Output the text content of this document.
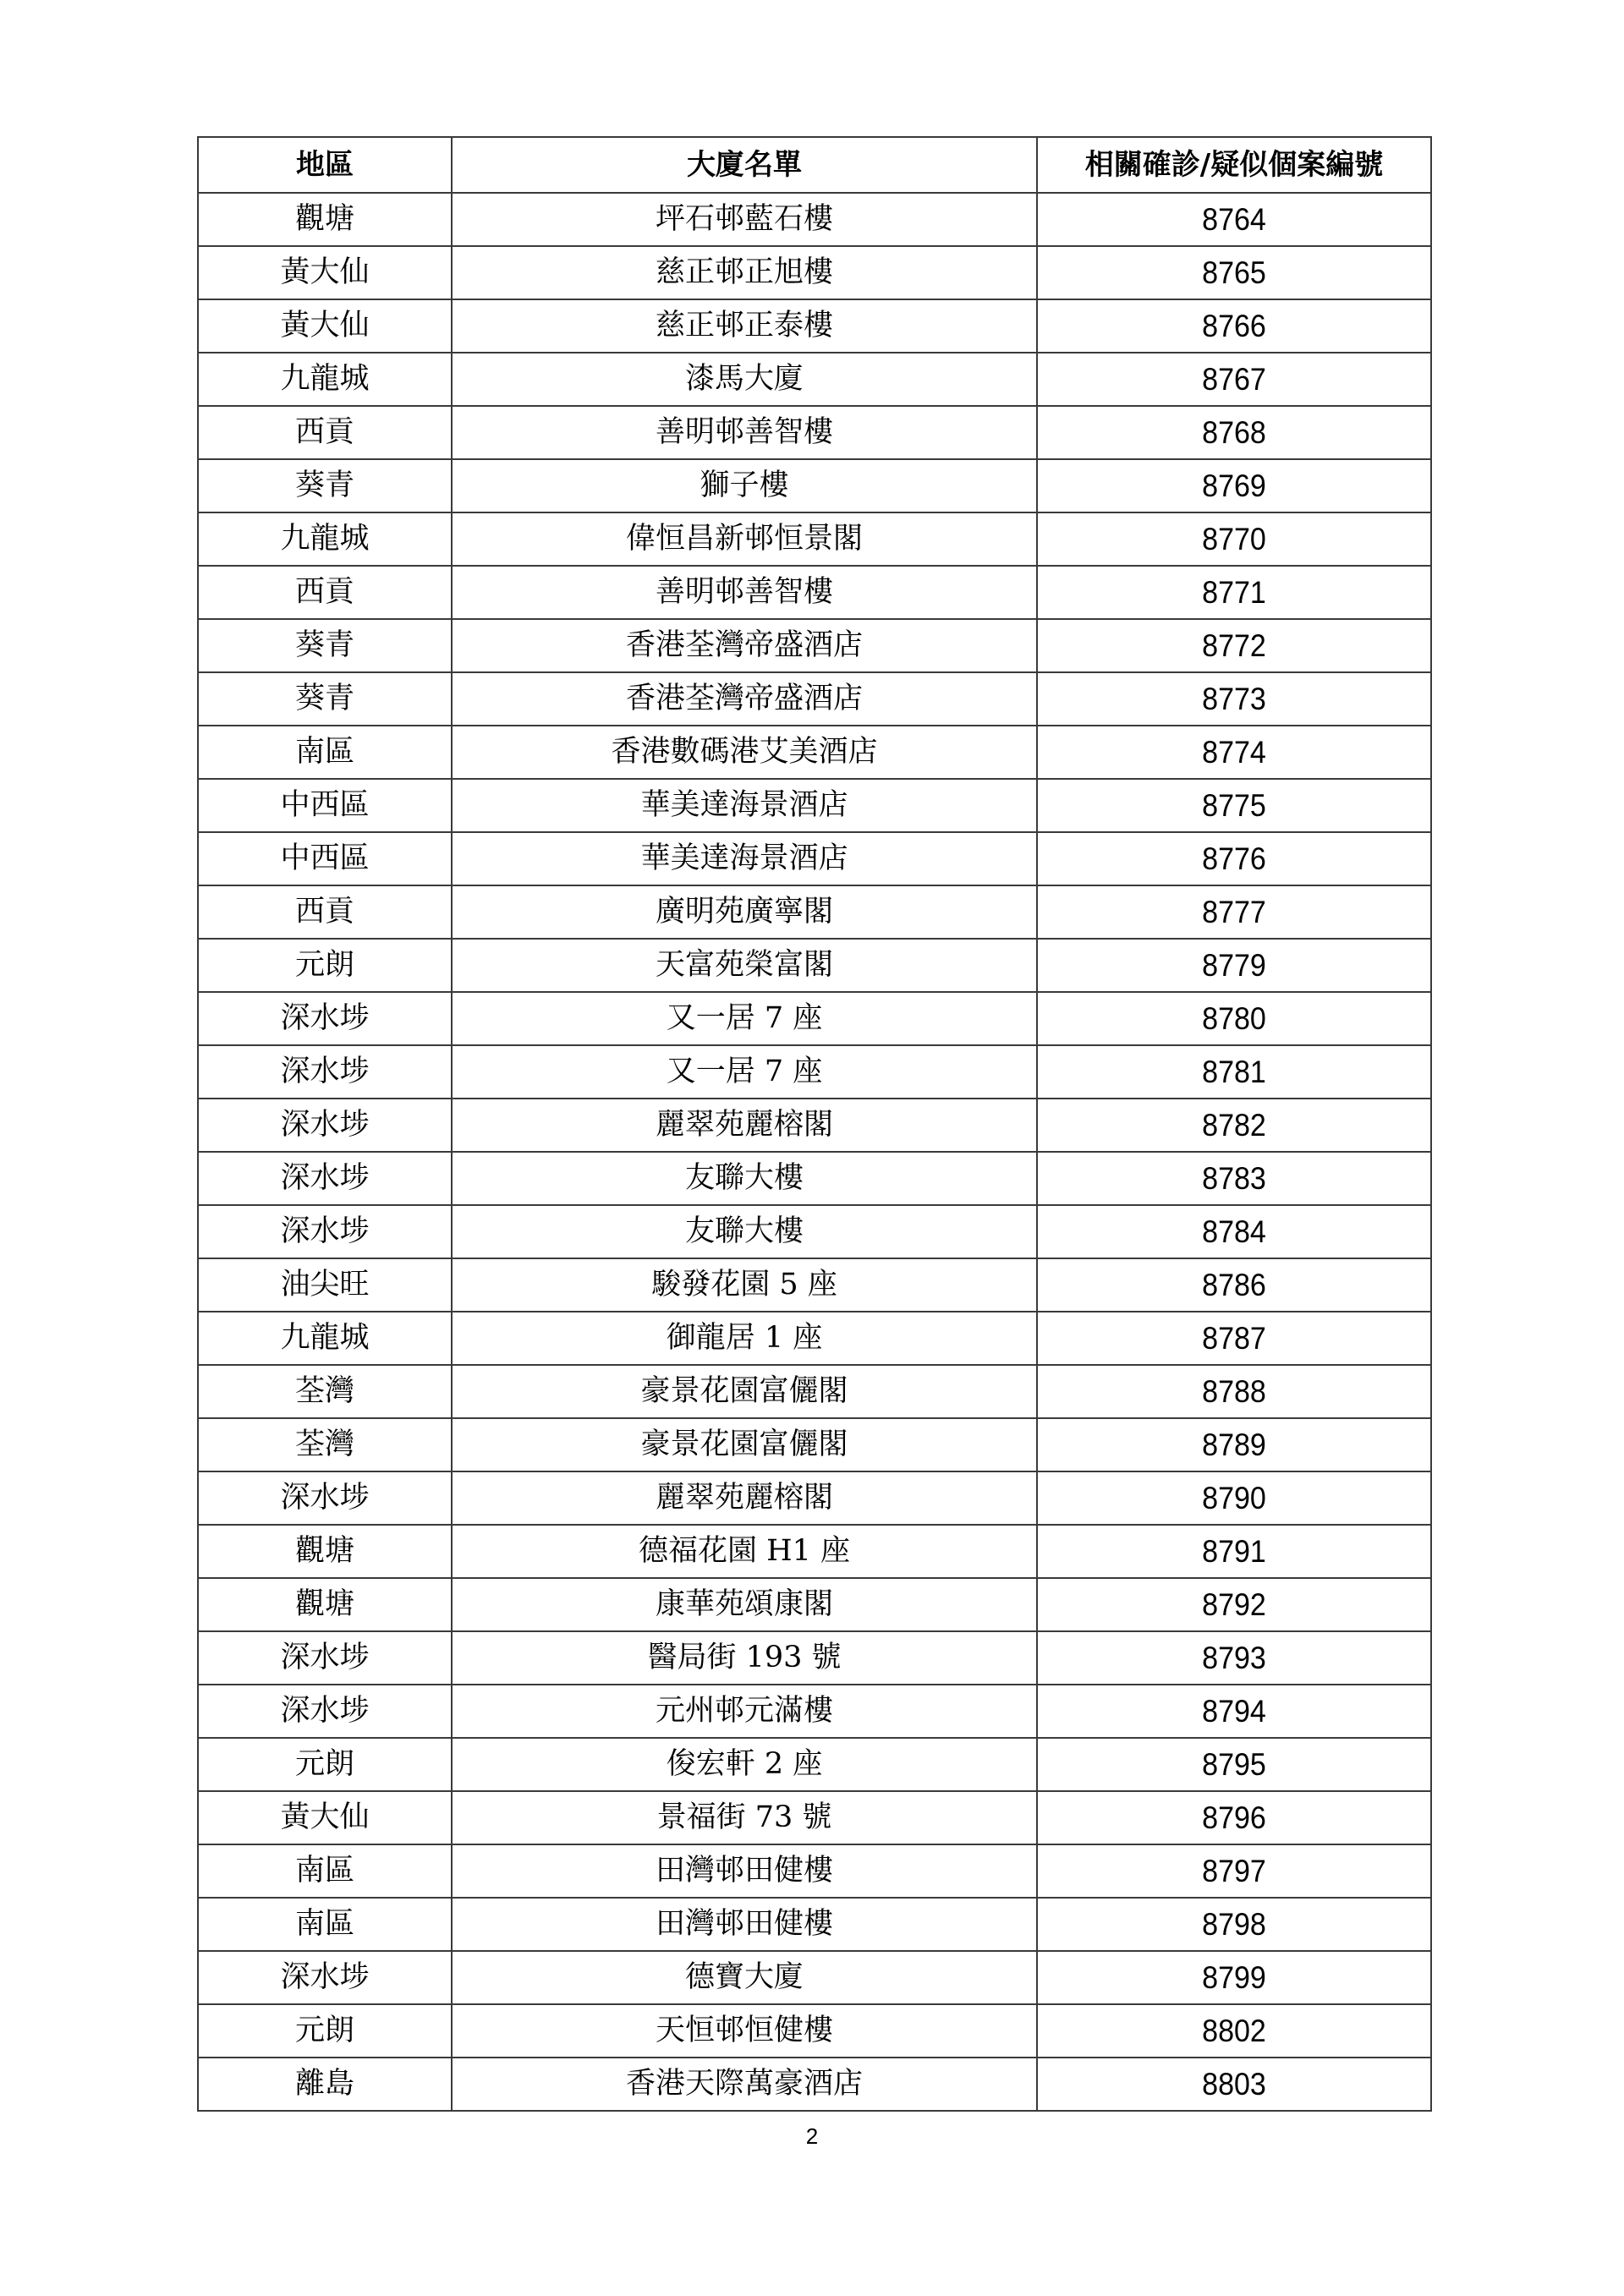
地區	大廈名單	相關確診/疑似個案編號
觀塘	坪石邨藍石樓	8764
黃大仙	慈正邨正旭樓	8765
黃大仙	慈正邨正泰樓	8766
九龍城	漆馬大廈	8767
西貢	善明邨善智樓	8768
葵青	獅子樓	8769
九龍城	偉恒昌新邨恒景閣	8770
西貢	善明邨善智樓	8771
葵青	香港荃灣帝盛酒店	8772
葵青	香港荃灣帝盛酒店	8773
南區	香港數碼港艾美酒店	8774
中西區	華美達海景酒店	8775
中西區	華美達海景酒店	8776
西貢	廣明苑廣寧閣	8777
元朗	天富苑榮富閣	8779
深水埗	又一居 7 座	8780
深水埗	又一居 7 座	8781
深水埗	麗翠苑麗榕閣	8782
深水埗	友聯大樓	8783
深水埗	友聯大樓	8784
油尖旺	駿發花園 5 座	8786
九龍城	御龍居 1 座	8787
荃灣	豪景花園富儷閣	8788
荃灣	豪景花園富儷閣	8789
深水埗	麗翠苑麗榕閣	8790
觀塘	德福花園 H1 座	8791
觀塘	康華苑頌康閣	8792
深水埗	醫局街 193 號	8793
深水埗	元州邨元滿樓	8794
元朗	俊宏軒 2 座	8795
黃大仙	景福街 73 號	8796
南區	田灣邨田健樓	8797
南區	田灣邨田健樓	8798
深水埗	德寶大廈	8799
元朗	天恒邨恒健樓	8802
離島	香港天際萬豪酒店	8803
2
